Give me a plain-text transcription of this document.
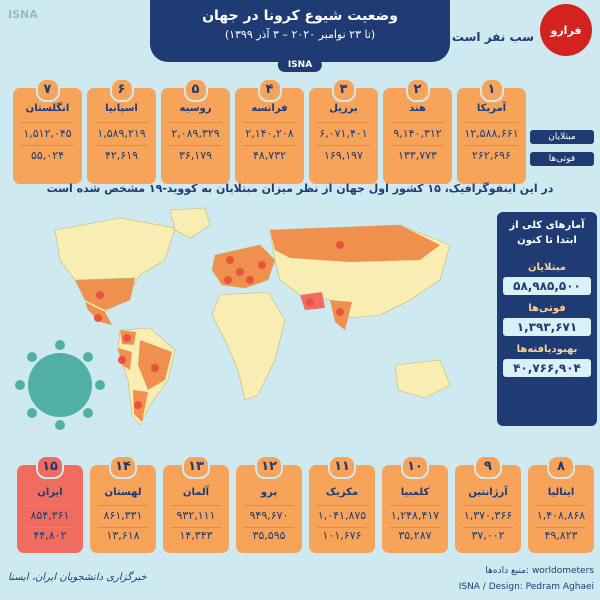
ISNA	وضعیت شیوع کرونا در جهان
(تا ۲۳ نوامبر ۲۰۲۰ – ۳ آذر ۱۳۹۹)
ISNA
سب نفر است	فرارو
۱
آمریکا
۱۲,۵۸۸,۶۶۱
۲۶۲,۶۹۶
۲
هند
۹,۱۴۰,۳۱۲
۱۳۳,۷۷۳
۳
برزیل
۶,۰۷۱,۴۰۱
۱۶۹,۱۹۷
۴
فرانسه
۲,۱۴۰,۲۰۸
۴۸,۷۳۲
۵
روسیه
۲,۰۸۹,۳۲۹
۳۶,۱۷۹
۶
اسپانیا
۱,۵۸۹,۲۱۹
۴۲,۶۱۹
۷
انگلستان
۱,۵۱۲,۰۴۵
۵۵,۰۲۴
مبتلایان
فوتی‌ها
در این اینفوگرافیک، ۱۵ کشور اول جهان از نظر میزان مبتلایان به کووید-۱۹ مشخص شده است
آمارهای کلی از
ابتدا تا کنون
مبتلایان
۵۸,۹۸۵,۵۰۰
فوتی‌ها
۱,۳۹۳,۶۷۱
بهبودیافته‌ها
۴۰,۷۶۶,۹۰۴
۸
ایتالیا
۱,۴۰۸,۸۶۸
۴۹,۸۲۳
۹
آرژانتین
۱,۳۷۰,۳۶۶
۳۷,۰۰۲
۱۰
کلمبیا
۱,۲۴۸,۴۱۷
۳۵,۲۸۷
۱۱
مکزیک
۱,۰۴۱,۸۷۵
۱۰۱,۶۷۶
۱۲
پرو
۹۴۹,۶۷۰
۳۵,۵۹۵
۱۳
آلمان
۹۳۲,۱۱۱
۱۴,۳۴۳
۱۴
لهستان
۸۶۱,۳۳۱
۱۳,۶۱۸
۱۵
ایران
۸۵۴,۳۶۱
۴۴,۸۰۲
خبرگزاری دانشجویان ایران، ایسنا
منبع داده‌ها: worldometers
ISNA / Design: Pedram Aghaei
